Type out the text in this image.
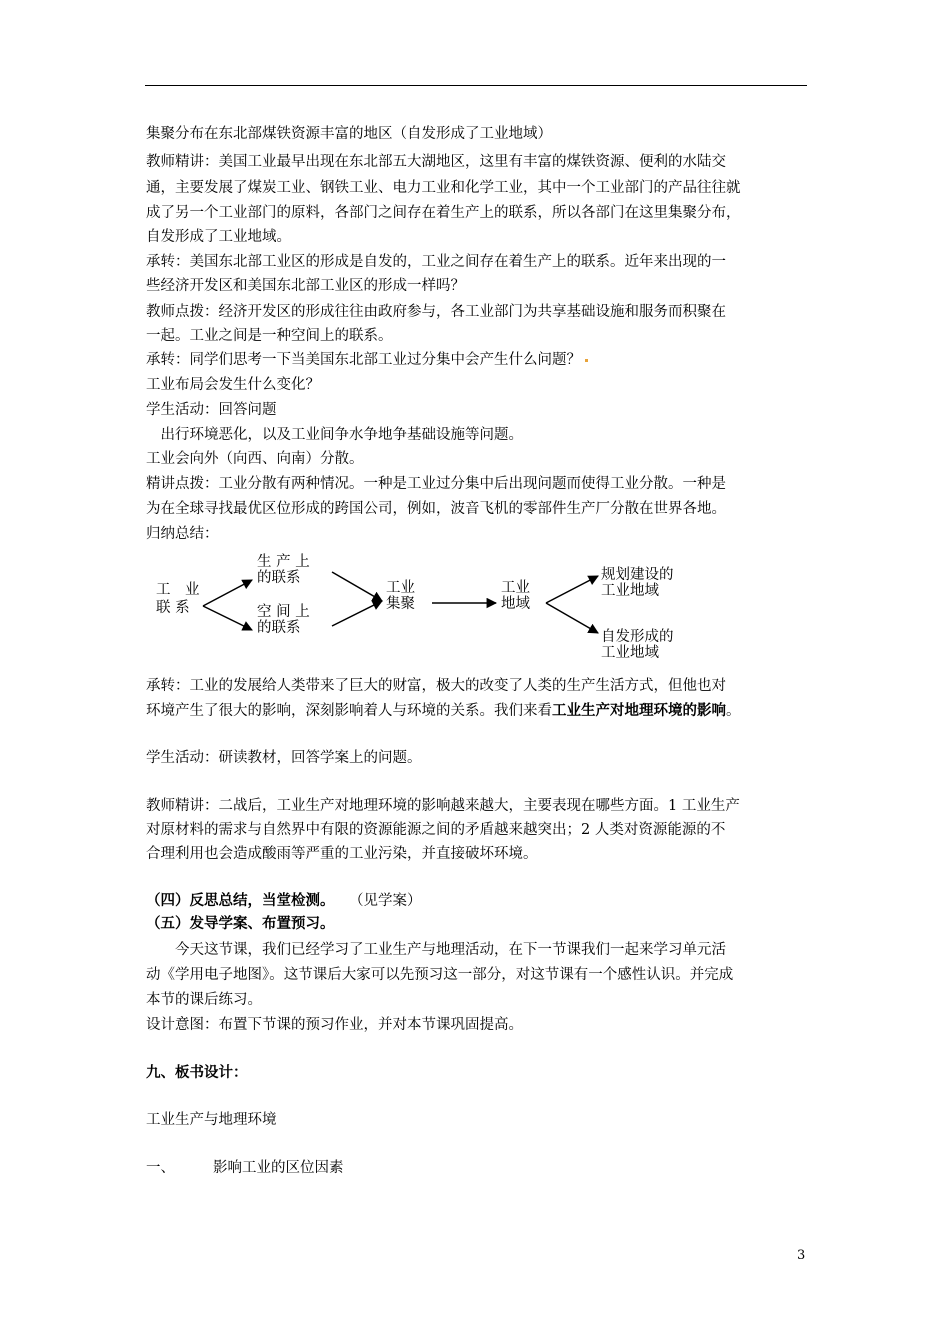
集聚分布在东北部煤铁资源丰富的地区（自发形成了工业地域）
教师精讲：美国工业最早出现在东北部五大湖地区，这里有丰富的煤铁资源、便利的水陆交
通，主要发展了煤炭工业、钢铁工业、电力工业和化学工业，其中一个工业部门的产品往往就
成了另一个工业部门的原料，各部门之间存在着生产上的联系，所以各部门在这里集聚分布，
自发形成了工业地域。
承转：美国东北部工业区的形成是自发的，工业之间存在着生产上的联系。近年来出现的一
些经济开发区和美国东北部工业区的形成一样吗？
教师点拨：经济开发区的形成往往由政府参与，各工业部门为共享基础设施和服务而积聚在
一起。工业之间是一种空间上的联系。
承转：同学们思考一下当美国东北部工业过分集中会产生什么问题？
工业布局会发生什么变化？
学生活动：回答问题
　出行环境恶化，以及工业间争水争地争基础设施等问题。
工业会向外（向西、向南）分散。
精讲点拨：工业分散有两种情况。一种是工业过分集中后出现问题而使得工业分散。一种是
为在全球寻找最优区位形成的跨国公司，例如，波音飞机的零部件生产厂分散在世界各地。
归纳总结：
工　业
联 系
生 产 上
的联系
空 间 上
的联系
工业
集聚
工业
地域
规划建设的
工业地域
自发形成的
工业地域
承转：工业的发展给人类带来了巨大的财富，极大的改变了人类的生产生活方式，但他也对
环境产生了很大的影响，深刻影响着人与环境的关系。我们来看工业生产对地理环境的影响。
学生活动：研读教材，回答学案上的问题。
教师精讲：二战后，工业生产对地理环境的影响越来越大，主要表现在哪些方面。1 工业生产
对原材料的需求与自然界中有限的资源能源之间的矛盾越来越突出；2 人类对资源能源的不
合理利用也会造成酸雨等严重的工业污染，并直接破坏环境。
（四）反思总结，当堂检测。　　（见学案）
（五）发导学案、布置预习。
　　今天这节课，我们已经学习了工业生产与地理活动，在下一节课我们一起来学习单元活
动《学用电子地图》。这节课后大家可以先预习这一部分，对这节课有一个感性认识。并完成
本节的课后练习。
设计意图：布置下节课的预习作业，并对本节课巩固提高。
九、板书设计：
工业生产与地理环境
一、	影响工业的区位因素
3
